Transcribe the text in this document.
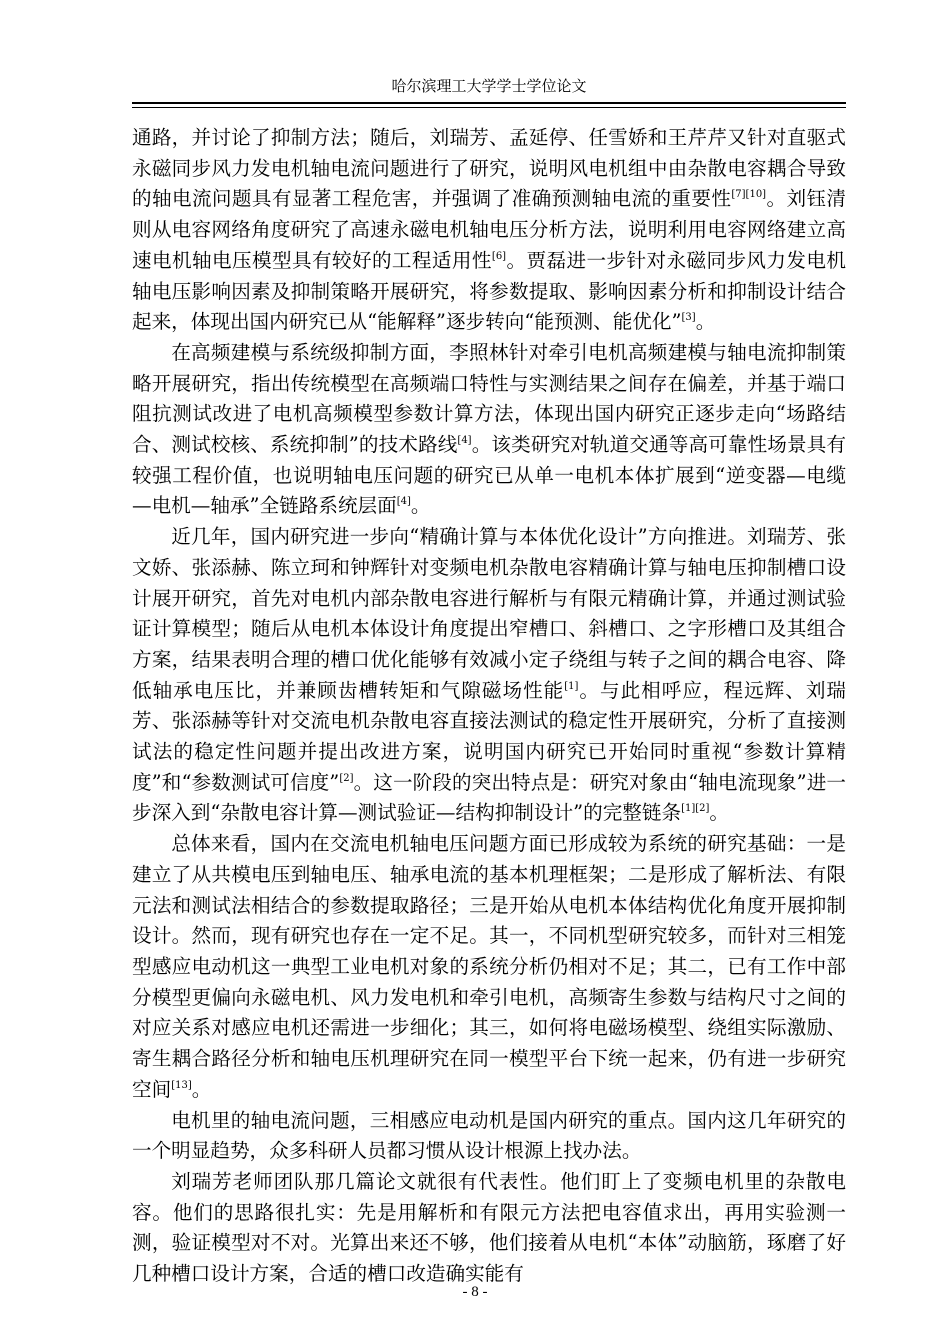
哈尔滨理工大学学士学位论文

通路，并讨论了抑制方法；随后，刘瑞芳、孟延停、任雪娇和王芹芹又针对直驱式永磁同步风力发电机轴电流问题进行了研究，说明风电机组中由杂散电容耦合导致的轴电流问题具有显著工程危害，并强调了准确预测轴电流的重要性[7][10]。刘钰清则从电容网络角度研究了高速永磁电机轴电压分析方法，说明利用电容网络建立高速电机轴电压模型具有较好的工程适用性[6]。贾磊进一步针对永磁同步风力发电机轴电压影响因素及抑制策略开展研究，将参数提取、影响因素分析和抑制设计结合起来，体现出国内研究已从“能解释”逐步转向“能预测、能优化”[3]。

在高频建模与系统级抑制方面，李照林针对牵引电机高频建模与轴电流抑制策略开展研究，指出传统模型在高频端口特性与实测结果之间存在偏差，并基于端口阻抗测试改进了电机高频模型参数计算方法，体现出国内研究正逐步走向“场路结合、测试校核、系统抑制”的技术路线[4]。该类研究对轨道交通等高可靠性场景具有较强工程价值，也说明轴电压问题的研究已从单一电机本体扩展到“逆变器—电缆—电机—轴承”全链路系统层面[4]。

近几年，国内研究进一步向“精确计算与本体优化设计”方向推进。刘瑞芳、张文娇、张添赫、陈立珂和钟辉针对变频电机杂散电容精确计算与轴电压抑制槽口设计展开研究，首先对电机内部杂散电容进行解析与有限元精确计算，并通过测试验证计算模型；随后从电机本体设计角度提出窄槽口、斜槽口、之字形槽口及其组合方案，结果表明合理的槽口优化能够有效减小定子绕组与转子之间的耦合电容、降低轴承电压比，并兼顾齿槽转矩和气隙磁场性能[1]。与此相呼应，程远辉、刘瑞芳、张添赫等针对交流电机杂散电容直接法测试的稳定性开展研究，分析了直接测试法的稳定性问题并提出改进方案，说明国内研究已开始同时重视“参数计算精度”和“参数测试可信度”[2]。这一阶段的突出特点是：研究对象由“轴电流现象”进一步深入到“杂散电容计算—测试验证—结构抑制设计”的完整链条[1][2]。

总体来看，国内在交流电机轴电压问题方面已形成较为系统的研究基础：一是建立了从共模电压到轴电压、轴承电流的基本机理框架；二是形成了解析法、有限元法和测试法相结合的参数提取路径；三是开始从电机本体结构优化角度开展抑制设计。然而，现有研究也存在一定不足。其一，不同机型研究较多，而针对三相笼型感应电动机这一典型工业电机对象的系统分析仍相对不足；其二，已有工作中部分模型更偏向永磁电机、风力发电机和牵引电机，高频寄生参数与结构尺寸之间的对应关系对感应电机还需进一步细化；其三，如何将电磁场模型、绕组实际激励、寄生耦合路径分析和轴电压机理研究在同一模型平台下统一起来，仍有进一步研究空间[13]。

电机里的轴电流问题，三相感应电动机是国内研究的重点。国内这几年研究的一个明显趋势，众多科研人员都习惯从设计根源上找办法。

刘瑞芳老师团队那几篇论文就很有代表性。他们盯上了变频电机里的杂散电容。他们的思路很扎实：先是用解析和有限元方法把电容值求出，再用实验测一测，验证模型对不对。光算出来还不够，他们接着从电机“本体”动脑筋，琢磨了好几种槽口设计方案，合适的槽口改造确实能有

- 8 -
